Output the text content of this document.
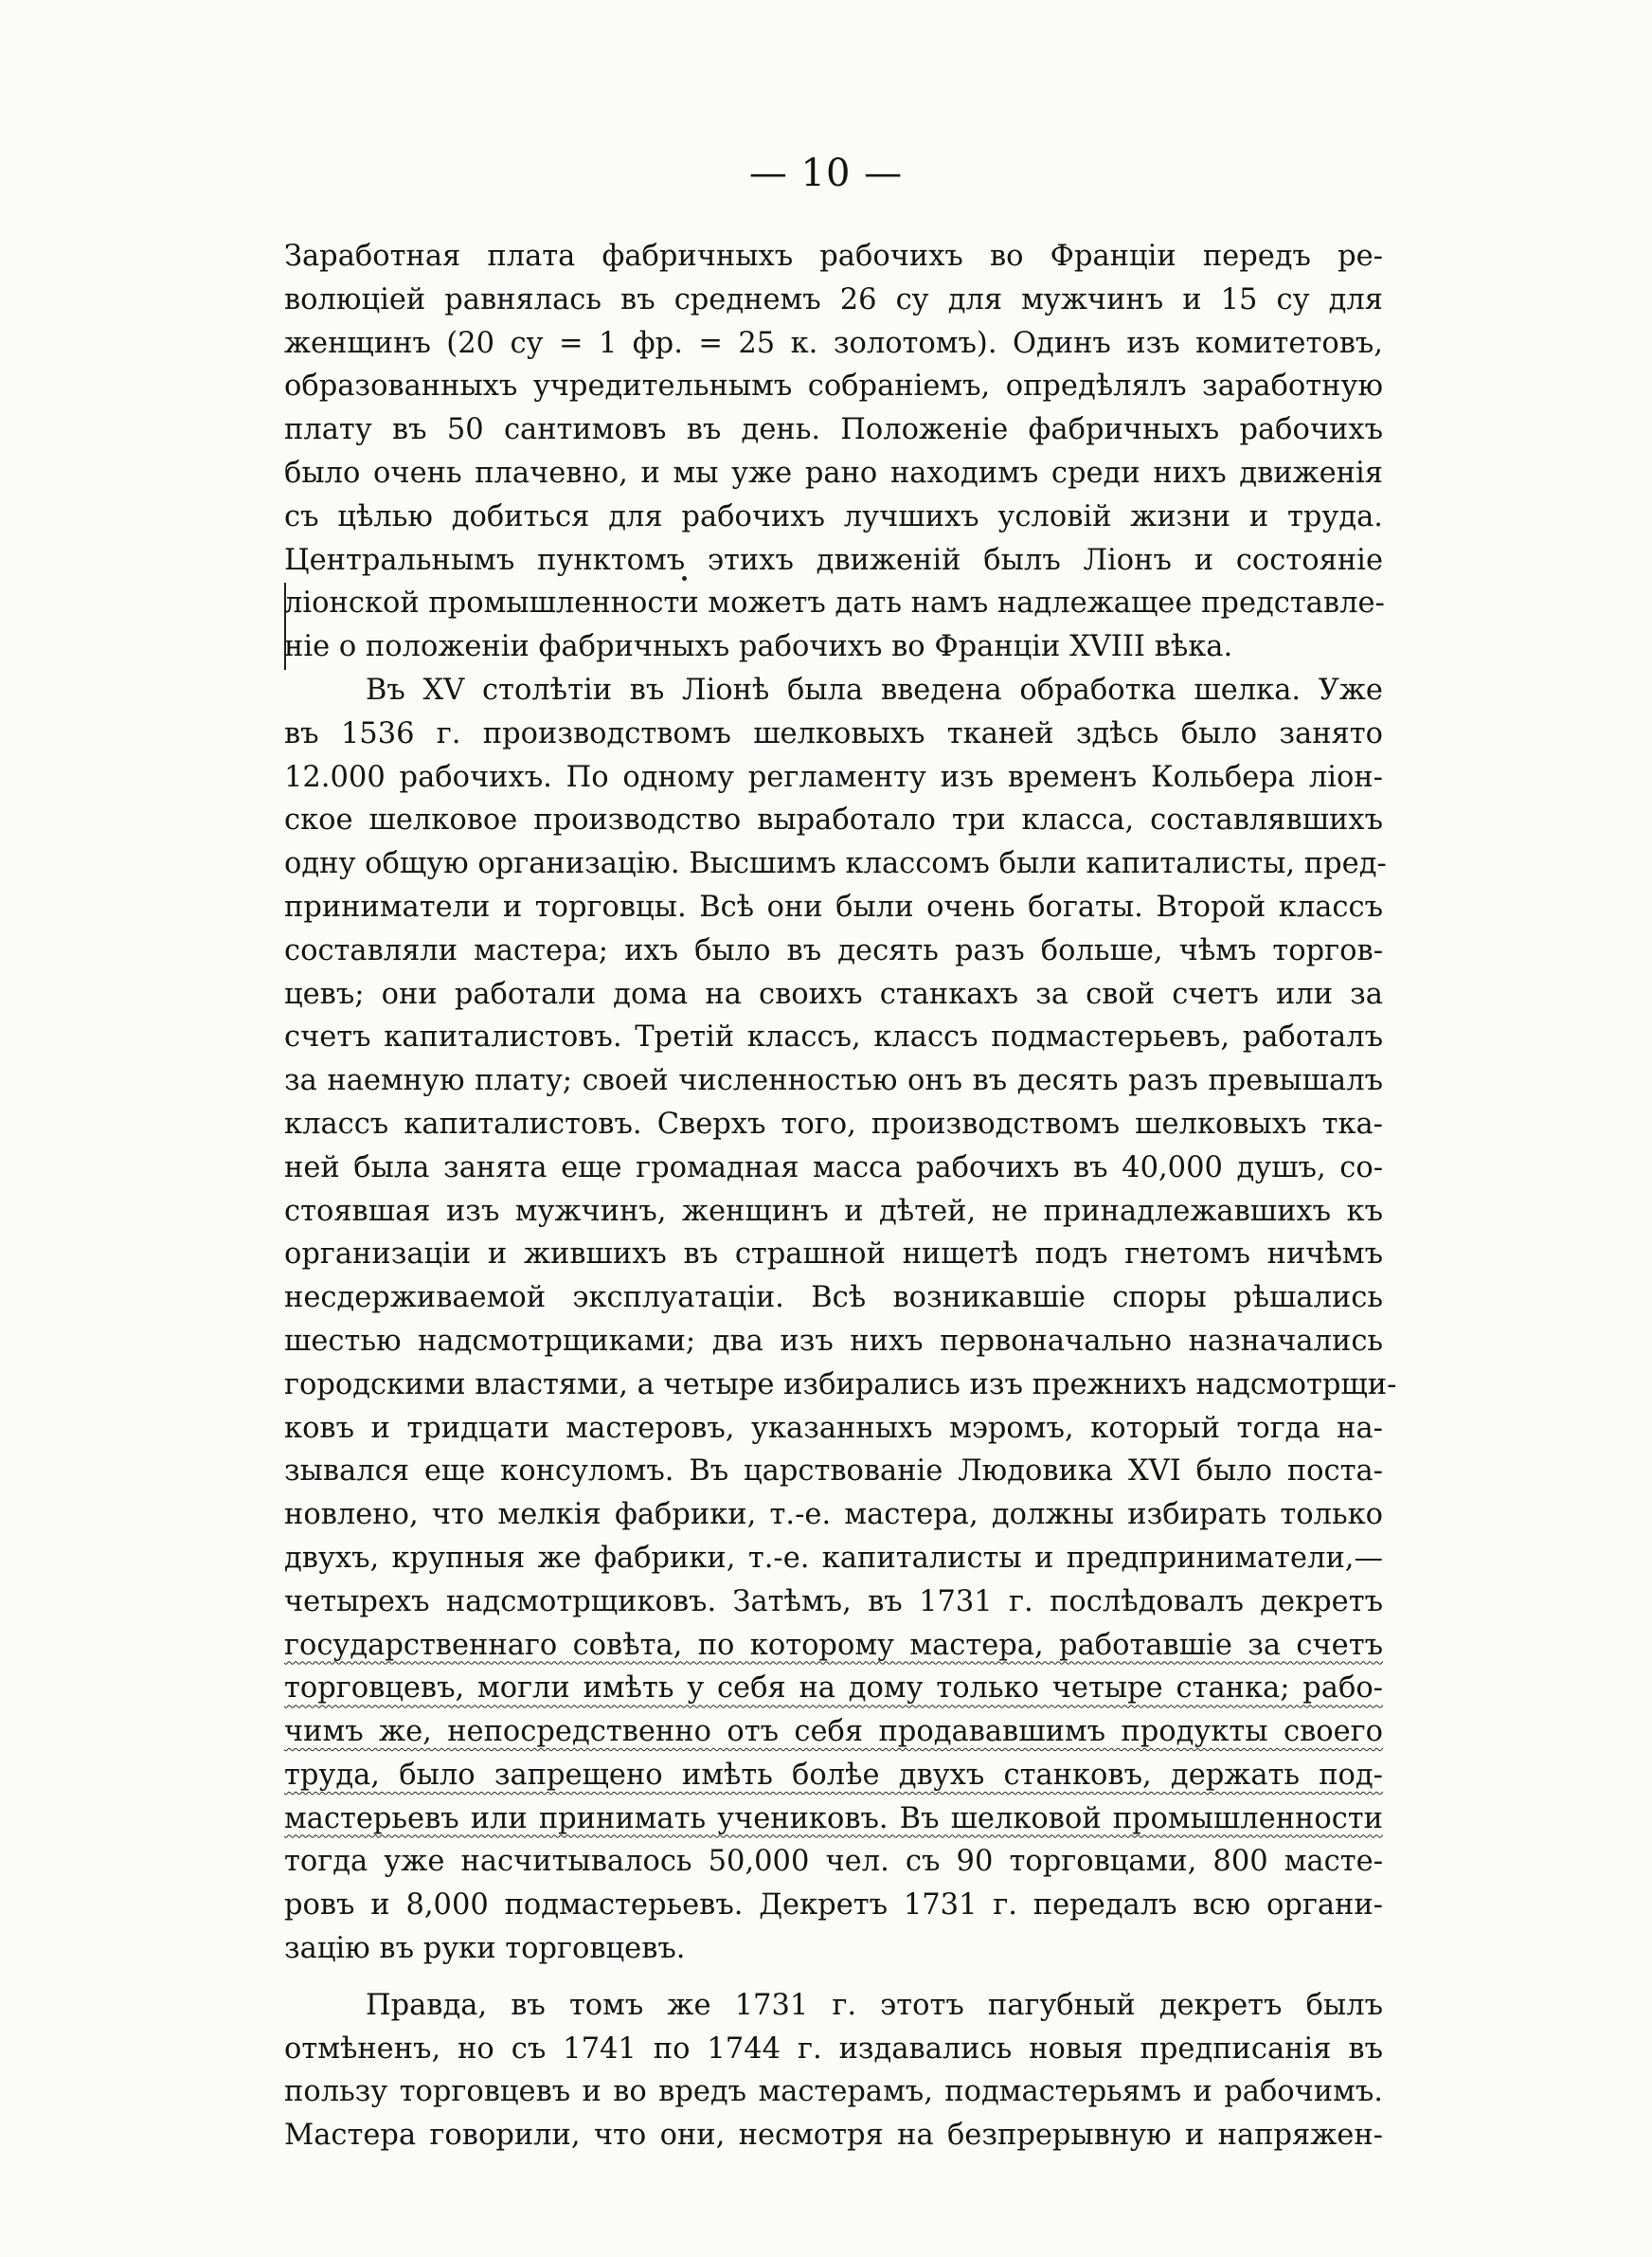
— 10 —
Заработная плата фабричныхъ рабочихъ во Франціи передъ ре-
волюціей равнялась въ среднемъ 26 су для мужчинъ и 15 су для
женщинъ (20 су = 1 фр. = 25 к. золотомъ). Одинъ изъ комитетовъ,
образованныхъ учредительнымъ собраніемъ, опредѣлялъ заработную
плату въ 50 сантимовъ въ день. Положеніе фабричныхъ рабочихъ
было очень плачевно, и мы уже рано находимъ среди нихъ движенія
съ цѣлью добиться для рабочихъ лучшихъ условій жизни и труда.
Центральнымъ пунктомъ этихъ движеній былъ Ліонъ и состояніе
ліонской промышленности можетъ дать намъ надлежащее представле-
ніе о положеніи фабричныхъ рабочихъ во Франціи XVIII вѣка.
Въ XV столѣтіи въ Ліонѣ была введена обработка шелка. Уже
въ 1536 г. производствомъ шелковыхъ тканей здѣсь было занято
12.000 рабочихъ. По одному регламенту изъ временъ Кольбера ліон-
ское шелковое производство выработало три класса, составлявшихъ
одну общую организацію. Высшимъ классомъ были капиталисты, пред-
приниматели и торговцы. Всѣ они были очень богаты. Второй классъ
составляли мастера; ихъ было въ десять разъ больше, чѣмъ торгов-
цевъ; они работали дома на своихъ станкахъ за свой счетъ или за
счетъ капиталистовъ. Третій классъ, классъ подмастерьевъ, работалъ
за наемную плату; своей численностью онъ въ десять разъ превышалъ
классъ капиталистовъ. Сверхъ того, производствомъ шелковыхъ тка-
ней была занята еще громадная масса рабочихъ въ 40,000 душъ, со-
стоявшая изъ мужчинъ, женщинъ и дѣтей, не принадлежавшихъ къ
организаціи и жившихъ въ страшной нищетѣ подъ гнетомъ ничѣмъ
несдерживаемой эксплуатаціи. Всѣ возникавшіе споры рѣшались
шестью надсмотрщиками; два изъ нихъ первоначально назначались
городскими властями, а четыре избирались изъ прежнихъ надсмотрщи-
ковъ и тридцати мастеровъ, указанныхъ мэромъ, который тогда на-
зывался еще консуломъ. Въ царствованіе Людовика XVI было поста-
новлено, что мелкія фабрики, т.-е. мастера, должны избирать только
двухъ, крупныя же фабрики, т.-е. капиталисты и предприниматели,—
четырехъ надсмотрщиковъ. Затѣмъ, въ 1731 г. послѣдовалъ декретъ
государственнаго совѣта, по которому мастера, работавшіе за счетъ
торговцевъ, могли имѣть у себя на дому только четыре станка; рабо-
чимъ же, непосредственно отъ себя продававшимъ продукты своего
труда, было запрещено имѣть болѣе двухъ станковъ, держать под-
мастерьевъ или принимать учениковъ. Въ шелковой промышленности
тогда уже насчитывалось 50,000 чел. съ 90 торговцами, 800 масте-
ровъ и 8,000 подмастерьевъ. Декретъ 1731 г. передалъ всю органи-
зацію въ руки торговцевъ.
Правда, въ томъ же 1731 г. этотъ пагубный декретъ былъ
отмѣненъ, но съ 1741 по 1744 г. издавались новыя предписанія въ
пользу торговцевъ и во вредъ мастерамъ, подмастерьямъ и рабочимъ.
Мастера говорили, что они, несмотря на безпрерывную и напряжен-
